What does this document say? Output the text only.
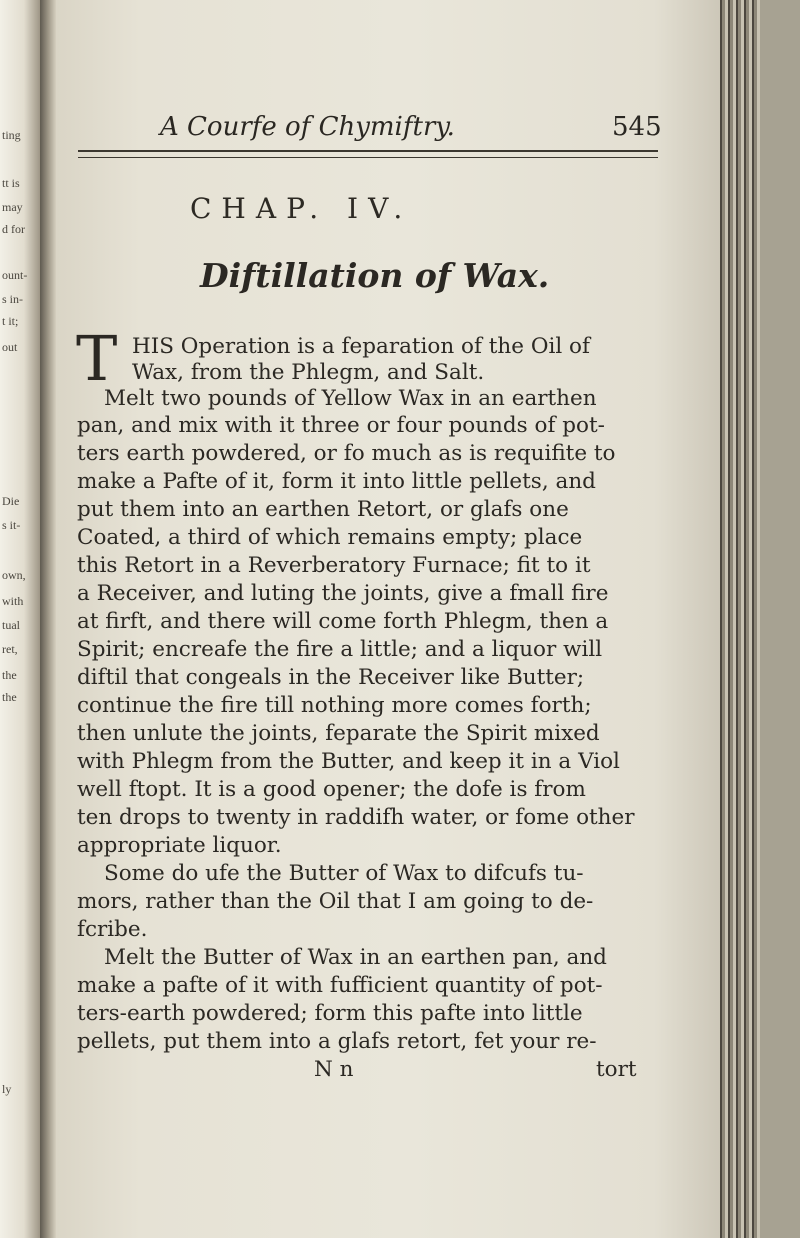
ting
tt is
may
d for
ount-
s in-
t it;
out
Die
s it-
own,
with
tual
ret,
the
the
ly
A Courfe of Chymiftry.	545
CHAP. IV.
Diftillation of Wax.
T HIS Operation is a feparation of the Oil of
Wax, from the Phlegm, and Salt.
Melt two pounds of Yellow Wax in an earthen
pan, and mix with it three or four pounds of pot-
ters earth powdered, or fo much as is requifite to
make a Pafte of it, form it into little pellets, and
put them into an earthen Retort, or glafs one
Coated, a third of which remains empty; place
this Retort in a Reverberatory Furnace; fit to it
a Receiver, and luting the joints, give a fmall fire
at firft, and there will come forth Phlegm, then a
Spirit; encreafe the fire a little; and a liquor will
diftil that congeals in the Receiver like Butter;
continue the fire till nothing more comes forth;
then unlute the joints, feparate the Spirit mixed
with Phlegm from the Butter, and keep it in a Viol
well ftopt. It is a good opener; the dofe is from
ten drops to twenty in raddifh water, or fome other
appropriate liquor.
Some do ufe the Butter of Wax to difcufs tu-
mors, rather than the Oil that I am going to de-
fcribe.
Melt the Butter of Wax in an earthen pan, and
make a pafte of it with fufficient quantity of pot-
ters-earth powdered; form this pafte into little
pellets, put them into a glafs retort, fet your re-
N n	tort
